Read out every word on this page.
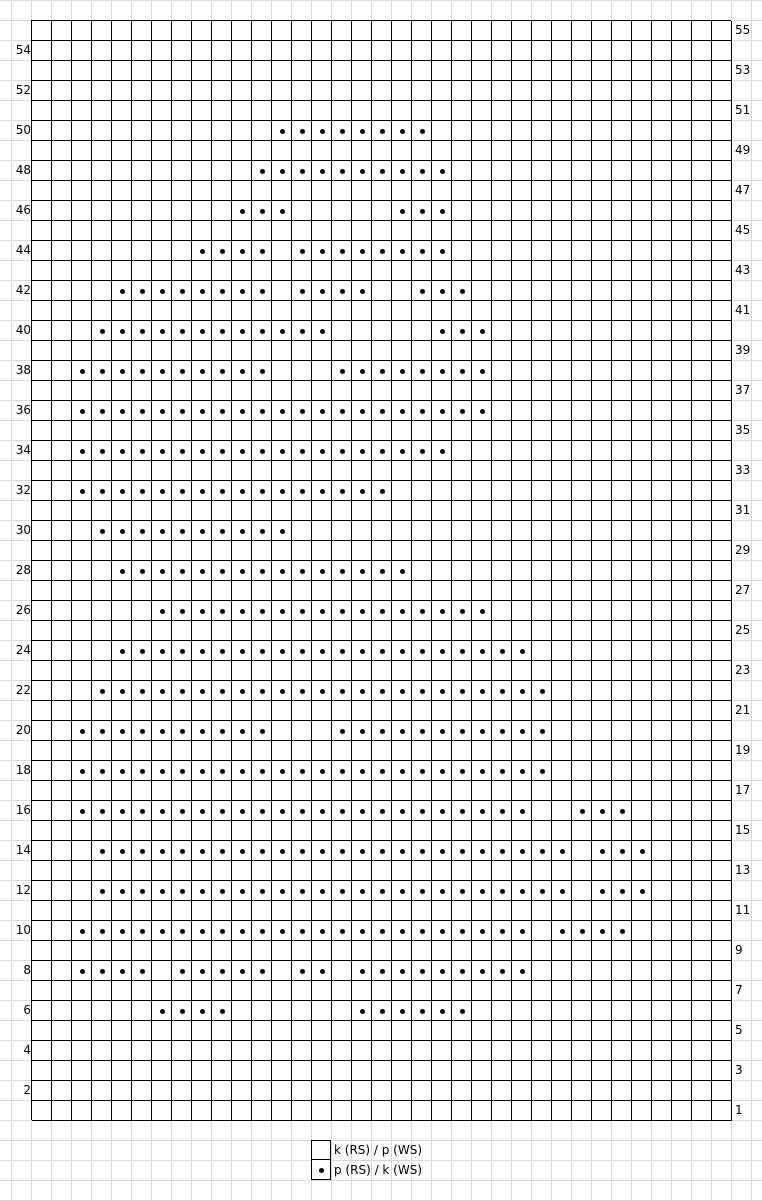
54
52
50
48
46
44
42
40
38
36
34
32
30
28
26
24
22
20
18
16
14
12
10
8
6
4
2
55
53
51
49
47
45
43
41
39
37
35
33
31
29
27
25
23
21
19
17
15
13
11
9
7
5
3
1
k (RS) / p (WS)
p (RS) / k (WS)
